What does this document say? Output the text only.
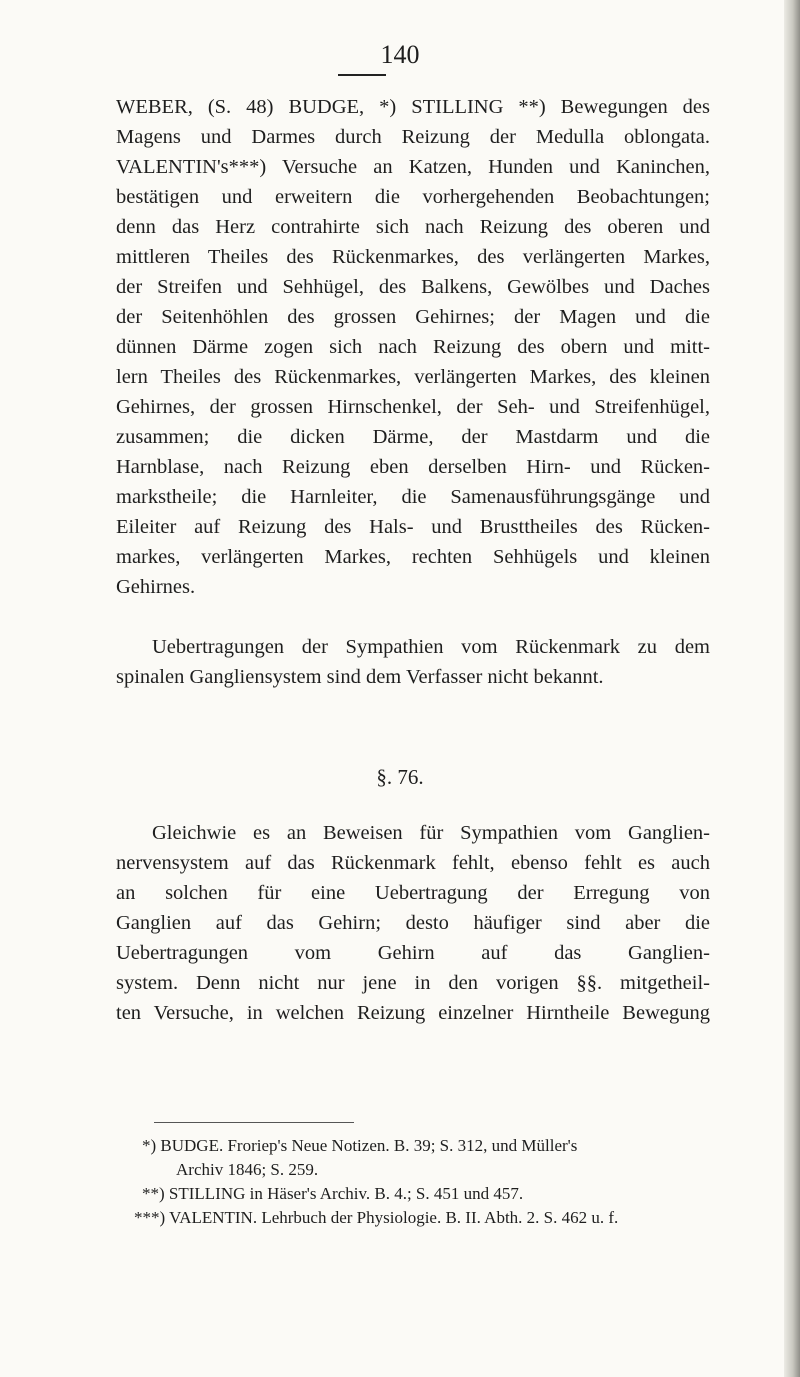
140
WEBER, (S. 48) BUDGE, *) STILLING **) Bewegungen des
Magens und Darmes durch Reizung der Medulla oblongata.
VALENTIN's***) Versuche an Katzen, Hunden und Kaninchen,
bestätigen und erweitern die vorhergehenden Beobachtungen;
denn das Herz contrahirte sich nach Reizung des oberen und
mittleren Theiles des Rückenmarkes, des verlängerten Markes,
der Streifen und Sehhügel, des Balkens, Gewölbes und Daches
der Seitenhöhlen des grossen Gehirnes; der Magen und die
dünnen Därme zogen sich nach Reizung des obern und mitt-
lern Theiles des Rückenmarkes, verlängerten Markes, des kleinen
Gehirnes, der grossen Hirnschenkel, der Seh- und Streifenhügel,
zusammen; die dicken Därme, der Mastdarm und die
Harnblase, nach Reizung eben derselben Hirn- und Rücken-
markstheile; die Harnleiter, die Samenausführungsgänge und
Eileiter auf Reizung des Hals- und Brusttheiles des Rücken-
markes, verlängerten Markes, rechten Sehhügels und kleinen
Gehirnes.
Uebertragungen der Sympathien vom Rückenmark zu dem
spinalen Gangliensystem sind dem Verfasser nicht bekannt.
§. 76.
Gleichwie es an Beweisen für Sympathien vom Ganglien-
nervensystem auf das Rückenmark fehlt, ebenso fehlt es auch
an solchen für eine Uebertragung der Erregung von
Ganglien auf das Gehirn; desto häufiger sind aber die
Uebertragungen vom Gehirn auf das Ganglien-
system. Denn nicht nur jene in den vorigen §§. mitgetheil-
ten Versuche, in welchen Reizung einzelner Hirntheile Bewegung
*) BUDGE. Froriep's Neue Notizen. B. 39; S. 312, und Müller's
Archiv 1846; S. 259.
**) STILLING in Häser's Archiv. B. 4.; S. 451 und 457.
***) VALENTIN. Lehrbuch der Physiologie. B. II. Abth. 2. S. 462 u. f.
